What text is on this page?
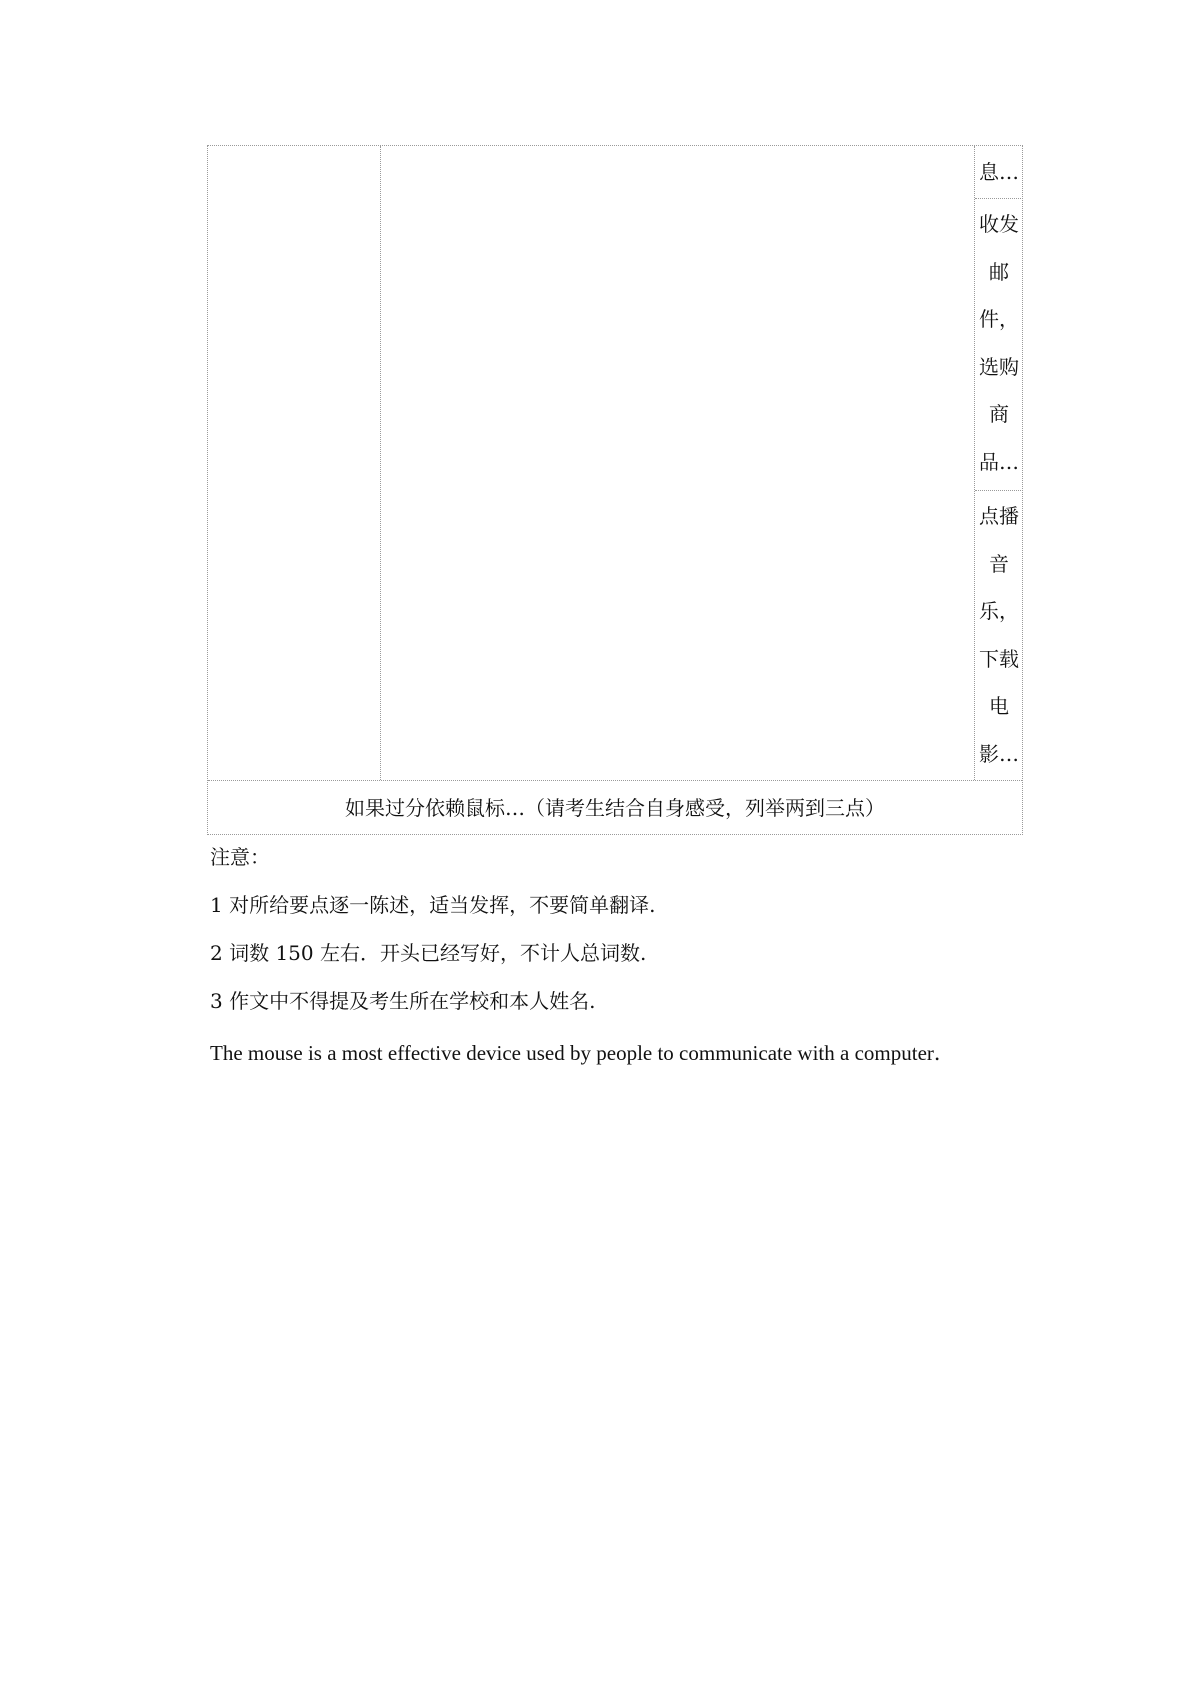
息…
收发邮件，选购商品…
点播音乐，下载电影…
如果过分依赖鼠标…（请考生结合自身感受，列举两到三点）
注意：
1 对所给要点逐一陈述，适当发挥，不要简单翻译.
2 词数 150 左右．开头已经写好，不计人总词数.
3 作文中不得提及考生所在学校和本人姓名.
The mouse is a most effective device used by people to communicate with a computer．
